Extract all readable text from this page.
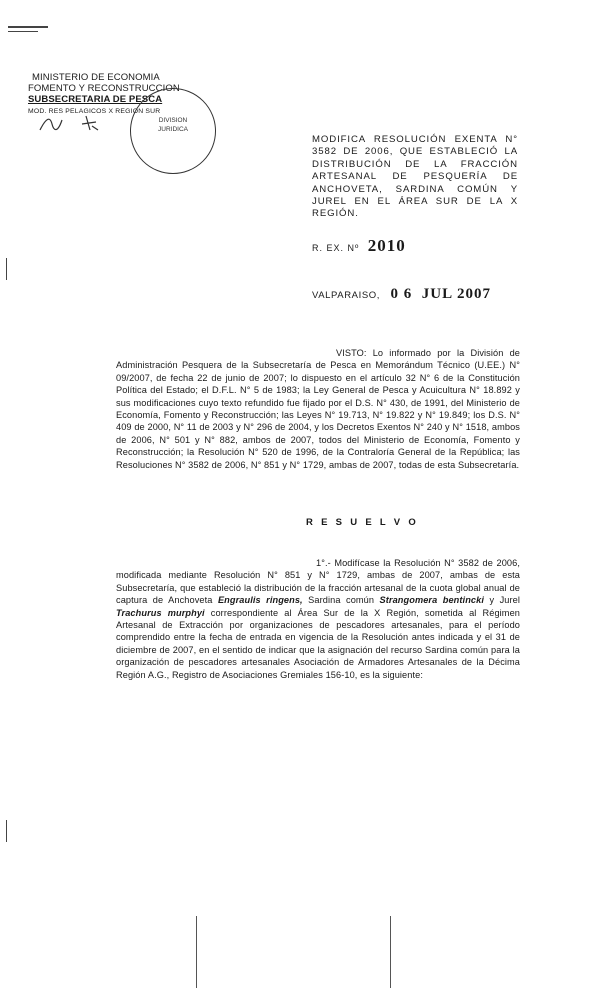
MINISTERIO DE ECONOMIA
FOMENTO Y RECONSTRUCCION
SUBSECRETARIA DE PESCA
MOD. RES PELAGICOS X REGION SUR
DIVISION
JURIDICA
MODIFICA RESOLUCIÓN EXENTA N° 3582 DE 2006, QUE ESTABLECIÓ LA DISTRIBUCIÓN DE LA FRACCIÓN ARTESANAL DE PESQUERÍA DE ANCHOVETA, SARDINA COMÚN Y JUREL EN EL ÁREA SUR DE LA X REGIÓN.
R. EX. Nº 2010
VALPARAISO, 0 6  JUL 2007
VISTO: Lo informado por la División de Administración Pesquera de la Subsecretaría de Pesca en Memorándum Técnico (U.EE.) N° 09/2007, de fecha 22 de junio de 2007; lo dispuesto en el artículo 32 N° 6 de la Constitución Política del Estado; el D.F.L. N° 5 de 1983; la Ley General de Pesca y Acuicultura N° 18.892 y sus modificaciones cuyo texto refundido fue fijado por el D.S. N° 430, de 1991, del Ministerio de Economía, Fomento y Reconstrucción; las Leyes N° 19.713, N° 19.822 y N° 19.849; los D.S. N° 409 de 2000, N° 11 de 2003 y N° 296 de 2004, y los Decretos Exentos N° 240 y N° 1518, ambos de 2006, N° 501 y N° 882, ambos de 2007, todos del Ministerio de Economía, Fomento y Reconstrucción; la Resolución N° 520 de 1996, de la Contraloría General de la República; las Resoluciones N° 3582 de 2006, N° 851 y N° 1729, ambas de 2007, todas de esta Subsecretaría.
R E S U E L V O
1°.- Modifícase la Resolución N° 3582 de 2006, modificada mediante Resolución N° 851 y N° 1729, ambas de 2007, ambas de esta Subsecretaría, que estableció la distribución de la fracción artesanal de la cuota global anual de captura de Anchoveta Engraulis ringens, Sardina común Strangomera bentincki y Jurel Trachurus murphyi correspondiente al Área Sur de la X Región, sometida al Régimen Artesanal de Extracción por organizaciones de pescadores artesanales, para el período comprendido entre la fecha de entrada en vigencia de la Resolución antes indicada y el 31 de diciembre de 2007, en el sentido de indicar que la asignación del recurso Sardina común para la organización de pescadores artesanales Asociación de Armadores Artesanales de la Décima Región A.G., Registro de Asociaciones Gremiales 156-10, es la siguiente:
